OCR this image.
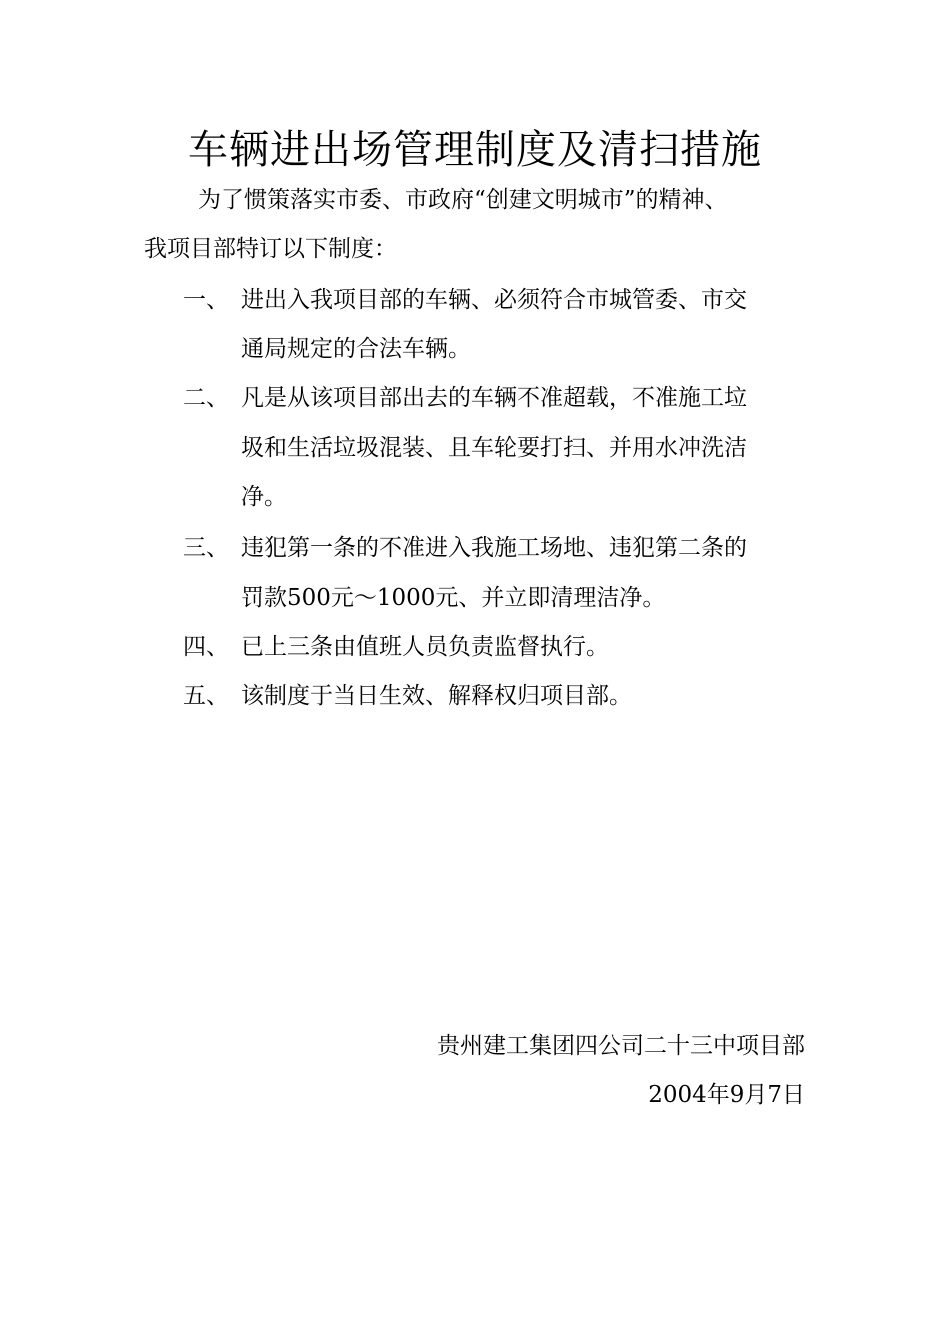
车辆进出场管理制度及清扫措施
为了惯策落实市委、市政府“创建文明城市”的精神、
我项目部特订以下制度：
一、 进出入我项目部的车辆、必须符合市城管委、市交
通局规定的合法车辆。
二、 凡是从该项目部出去的车辆不准超载，不准施工垃
圾和生活垃圾混装、且车轮要打扫、并用水冲洗洁
净。
三、 违犯第一条的不准进入我施工场地、违犯第二条的
罚款500元～1000元、并立即清理洁净。
四、 已上三条由值班人员负责监督执行。
五、 该制度于当日生效、解释权归项目部。
贵州建工集团四公司二十三中项目部
2004年9月7日
